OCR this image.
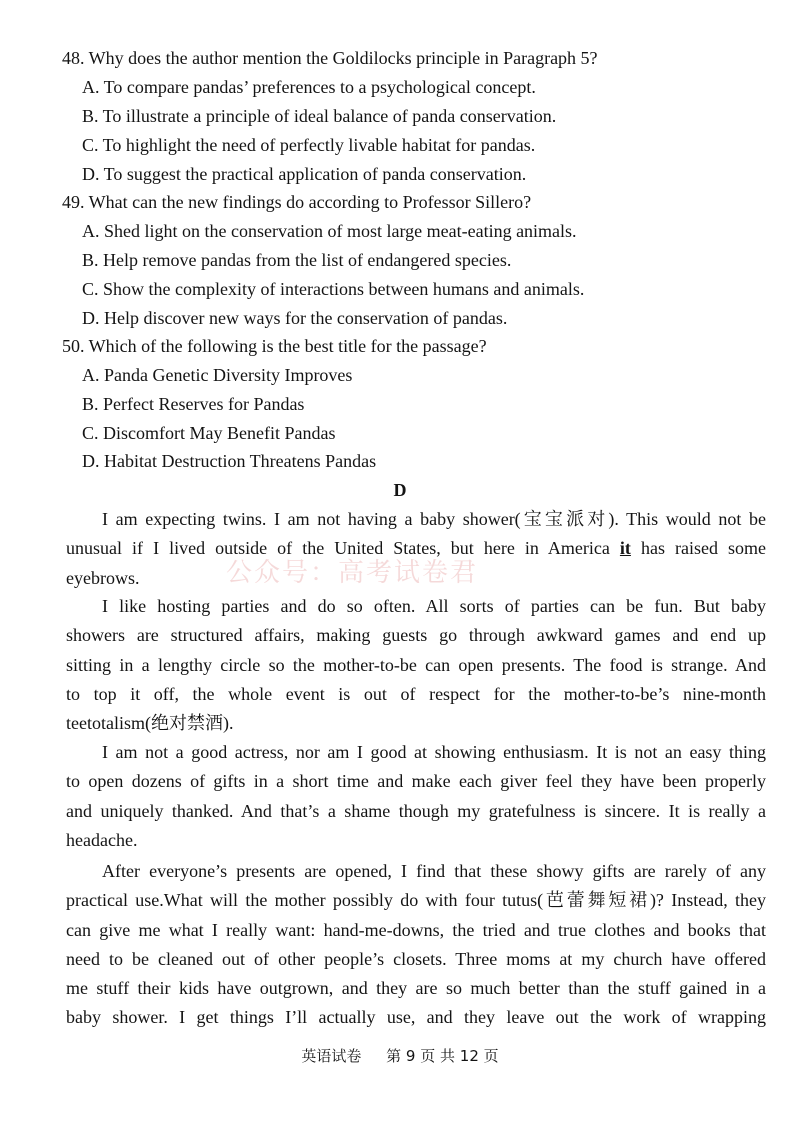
48. Why does the author mention the Goldilocks principle in Paragraph 5?
A. To compare pandas’ preferences to a psychological concept.
B. To illustrate a principle of ideal balance of panda conservation.
C. To highlight the need of perfectly livable habitat for pandas.
D. To suggest the practical application of panda conservation.
49. What can the new findings do according to Professor Sillero?
A. Shed light on the conservation of most large meat-eating animals.
B. Help remove pandas from the list of endangered species.
C. Show the complexity of interactions between humans and animals.
D. Help discover new ways for the conservation of pandas.
50. Which of the following is the best title for the passage?
A. Panda Genetic Diversity Improves
B. Perfect Reserves for Pandas
C. Discomfort May Benefit Pandas
D. Habitat Destruction Threatens Pandas
D
I am expecting twins. I am not having a baby shower(宝宝派对). This would not be
unusual if I lived outside of the United States, but here in America it has raised some
eyebrows.	公众号：高考试卷君
I like hosting parties and do so often. All sorts of parties can be fun. But baby
showers are structured affairs, making guests go through awkward games and end up
sitting in a lengthy circle so the mother-to-be can open presents. The food is strange. And
to top it off, the whole event is out of respect for the mother-to-be’s nine-month
teetotalism(绝对禁酒).
I am not a good actress, nor am I good at showing enthusiasm. It is not an easy thing
to open dozens of gifts in a short time and make each giver feel they have been properly
and uniquely thanked. And that’s a shame though my gratefulness is sincere. It is really a
headache.
After everyone’s presents are opened, I find that these showy gifts are rarely of any
practical use.What will the mother possibly do with four tutus(芭蕾舞短裙)? Instead, they
can give me what I really want: hand-me-downs, the tried and true clothes and books that
need to be cleaned out of other people’s closets. Three moms at my church have offered
me stuff their kids have outgrown, and they are so much better than the stuff gained in a
baby shower. I get things I’ll actually use, and they leave out the work of wrapping
英语试卷 第 9 页 共 12 页
